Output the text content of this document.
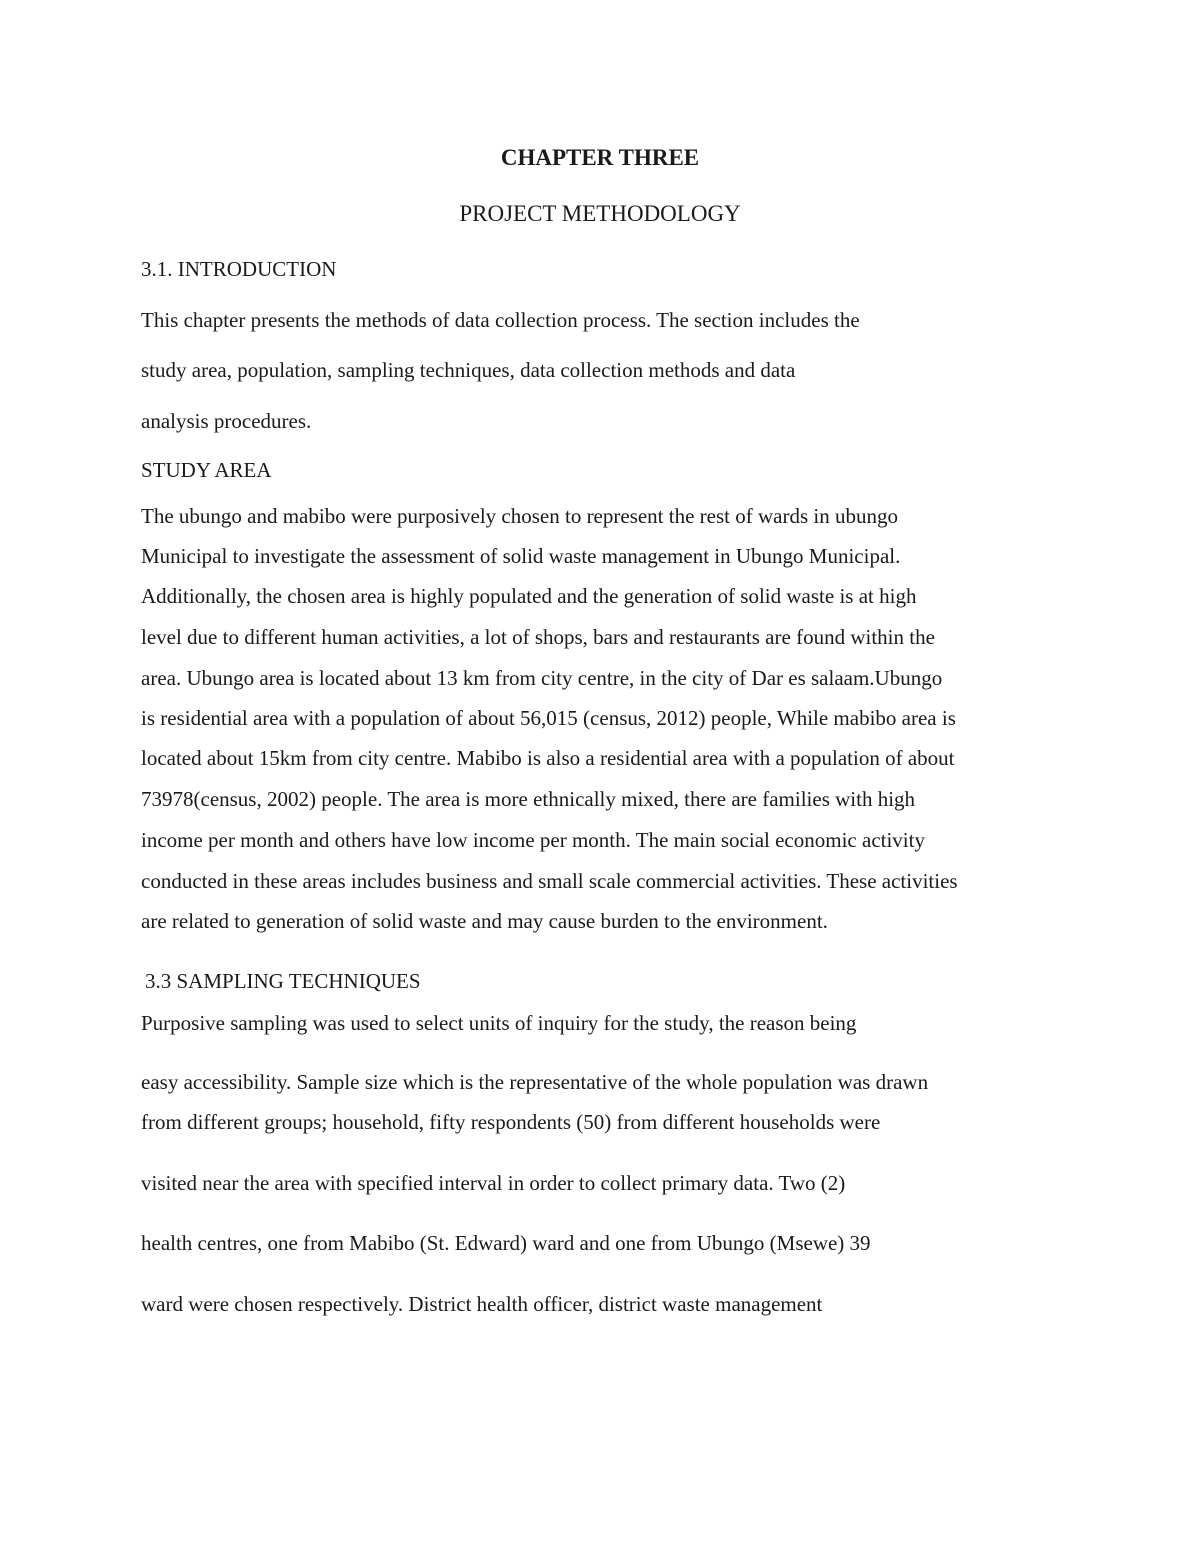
CHAPTER THREE

PROJECT METHODOLOGY

3.1. INTRODUCTION

This chapter presents the methods of data collection process. The section includes the

study area, population, sampling techniques, data collection methods and data

analysis procedures.

STUDY AREA

The ubungo and mabibo were purposively chosen to represent the rest of wards in ubungo

Municipal to investigate the assessment of solid waste management in Ubungo Municipal.

Additionally, the chosen area is highly populated and the generation of solid waste is at high

level due to different human activities, a lot of shops, bars and restaurants are found within the

area. Ubungo area is located about 13 km from city centre, in the city of Dar es salaam.Ubungo

is residential area with a population of about 56,015 (census, 2012) people, While mabibo area is

located about 15km from city centre. Mabibo is also a residential area with a population of about

73978(census, 2002) people. The area is more ethnically mixed, there are families with high

income per month and others have low income per month. The main social economic activity

conducted in these areas includes business and small scale commercial activities. These activities

are related to generation of solid waste and may cause burden to the environment.

3.3 SAMPLING TECHNIQUES

Purposive sampling was used to select units of inquiry for the study, the reason being

easy accessibility. Sample size which is the representative of the whole population was drawn

from different groups; household, fifty respondents (50) from different households were

visited near the area with specified interval in order to collect primary data. Two (2)

health centres, one from Mabibo (St. Edward) ward and one from Ubungo (Msewe) 39

ward were chosen respectively. District health officer, district waste management
